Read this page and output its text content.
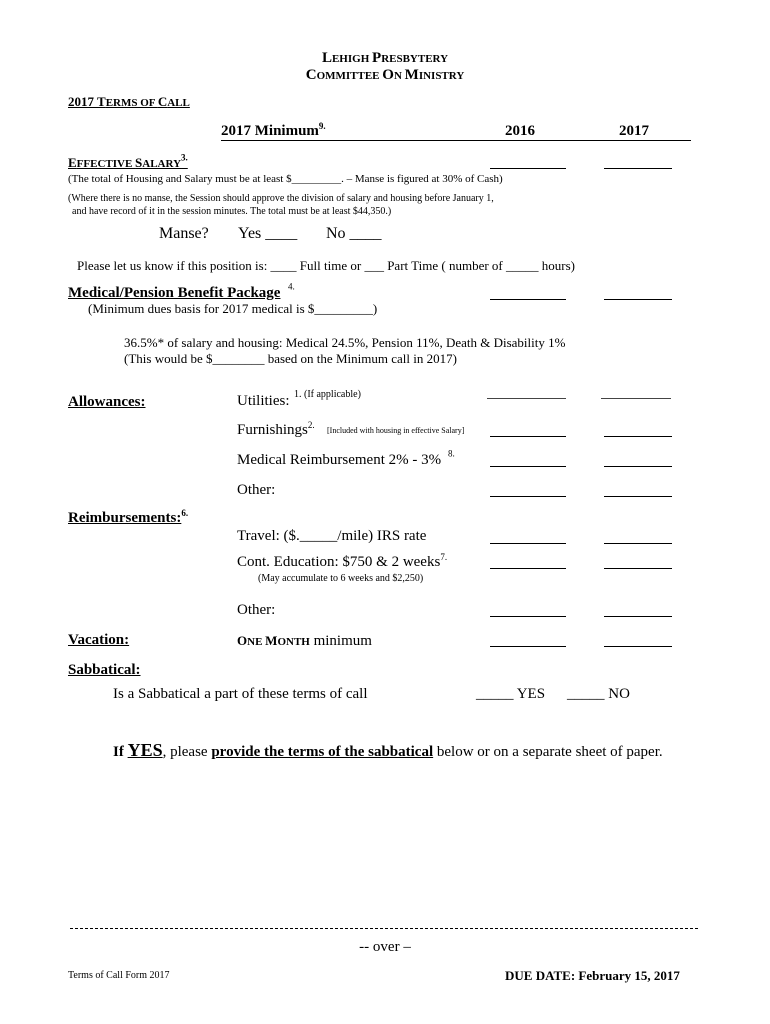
LEHIGH PRESBYTERY
COMMITTEE ON MINISTRY
2017 TERMS OF CALL
2017 Minimum$^{9.}$	2016	2017
EFFECTIVE $SALARY^{3.}$
(The total of Housing and Salary must be at least $_________. – Manse is figured at 30% of Cash)
(Where there is no manse, the Session should approve the division of salary and housing before January 1,
and have record of it in the session minutes. The total must be at least $44,350.)
Manse? Yes ____ No ____
Please let us know if this position is: ____ Full time or ___ Part Time ( number of _____ hours)
Medical/Pension Benefit Package $^{4.}$
(Minimum dues basis for 2017 medical is $_________)
36.5%* of salary and housing: Medical 24.5%, Pension 11%, Death & Disability 1%
(This would be $________ based on the Minimum call in 2017)
Allowances:	Utilities: 1. (If applicable)
Furnishings$^{2.}$
[Included with housing in effective Salary]
Medical Reimbursement 2% - 3% $^{8.}$
Other:
Reimbursements:$^{6.}$
Travel: ($._____/mile) IRS rate
Cont. Education: $750 & 2 weeks$^{7.}$
(May accumulate to 6 weeks and $2,250)
Other:
Vacation:	ONE MONTH minimum
Sabbatical:
Is a Sabbatical a part of these terms of call	_____ YES _____ NO
If YES, please provide the terms of the sabbatical below or on a separate sheet of paper.
-- over –
Terms of Call Form 2017	DUE DATE: February 15, 2017
